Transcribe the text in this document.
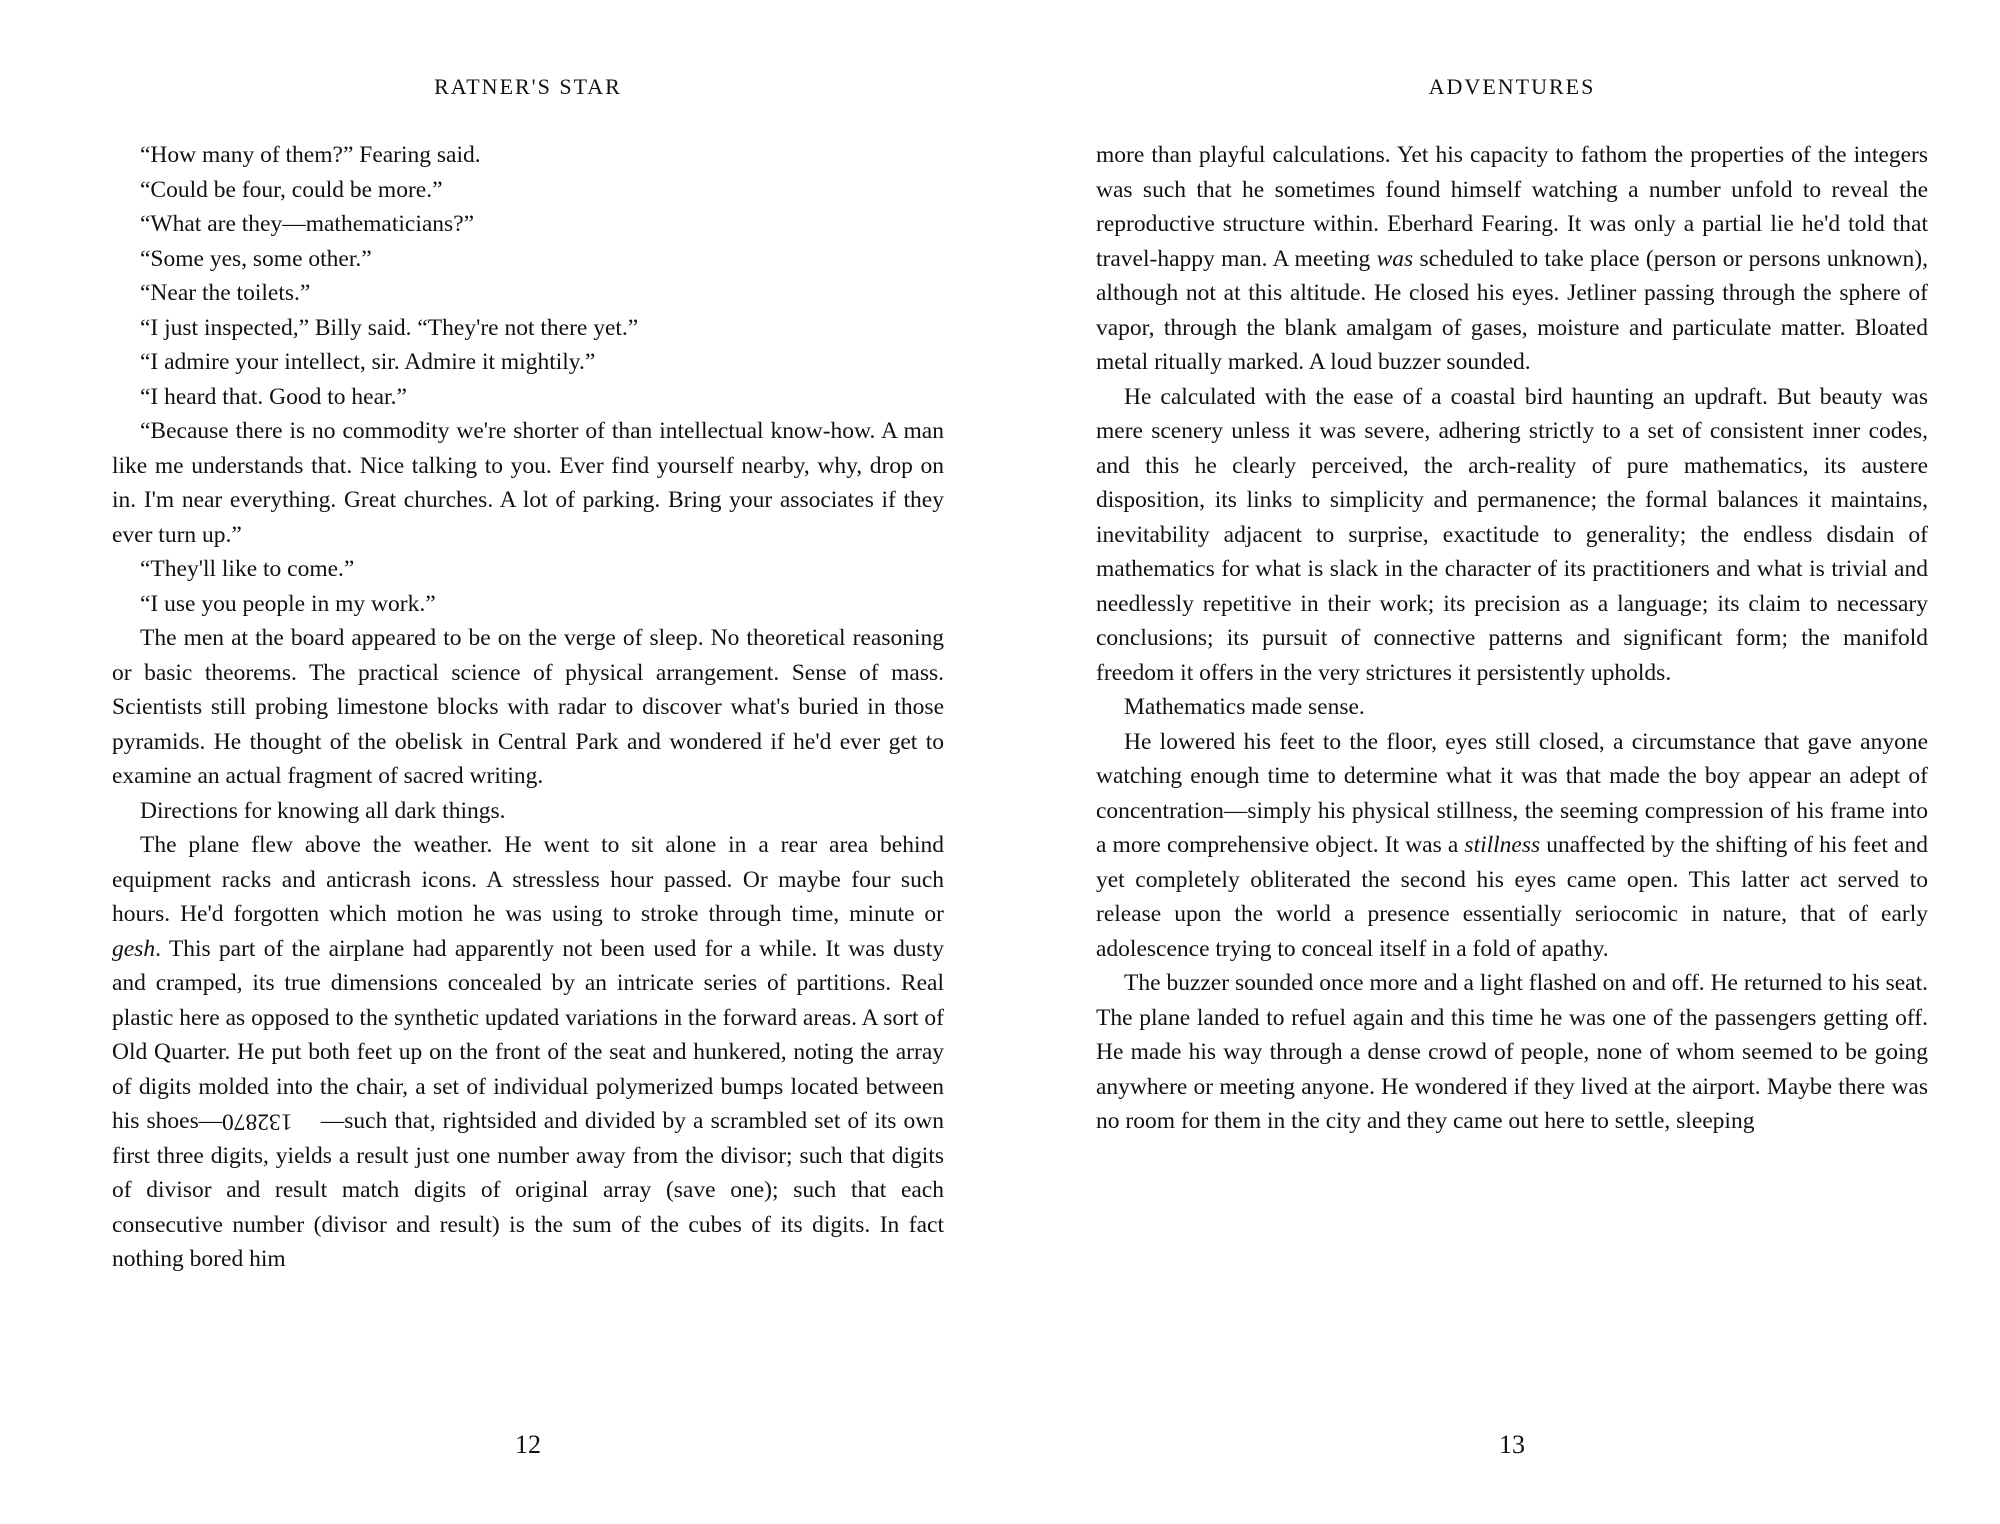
RATNER'S STAR

“How many of them?” Fearing said.

“Could be four, could be more.”

“What are they—mathematicians?”

“Some yes, some other.”

“Near the toilets.”

“I just inspected,” Billy said. “They're not there yet.”

“I admire your intellect, sir. Admire it mightily.”

“I heard that. Good to hear.”

“Because there is no commodity we're shorter of than intellectual know-how. A man like me understands that. Nice talking to you. Ever find yourself nearby, why, drop on in. I'm near everything. Great churches. A lot of parking. Bring your associates if they ever turn up.”

“They'll like to come.”

“I use you people in my work.”

The men at the board appeared to be on the verge of sleep. No theoretical reasoning or basic theorems. The practical science of physical arrangement. Sense of mass. Scientists still probing limestone blocks with radar to discover what's buried in those pyramids. He thought of the obelisk in Central Park and wondered if he'd ever get to examine an actual fragment of sacred writing.

Directions for knowing all dark things.

The plane flew above the weather. He went to sit alone in a rear area behind equipment racks and anticrash icons. A stressless hour passed. Or maybe four such hours. He'd forgotten which motion he was using to stroke through time, minute or gesh. This part of the airplane had apparently not been used for a while. It was dusty and cramped, its true dimensions concealed by an intricate series of partitions. Real plastic here as opposed to the synthetic updated variations in the forward areas. A sort of Old Quarter. He put both feet up on the front of the seat and hunkered, noting the array of digits molded into the chair, a set of individual polymerized bumps located between his shoes—132870 —such that, rightsided and divided by a scrambled set of its own first three digits, yields a result just one number away from the divisor; such that digits of divisor and result match digits of original array (save one); such that each consecutive number (divisor and result) is the sum of the cubes of its digits. In fact nothing bored him

12
ADVENTURES

more than playful calculations. Yet his capacity to fathom the properties of the integers was such that he sometimes found himself watching a number unfold to reveal the reproductive structure within. Eberhard Fearing. It was only a partial lie he'd told that travel-happy man. A meeting was scheduled to take place (person or persons unknown), although not at this altitude. He closed his eyes. Jetliner passing through the sphere of vapor, through the blank amalgam of gases, moisture and particulate matter. Bloated metal ritually marked. A loud buzzer sounded.

He calculated with the ease of a coastal bird haunting an updraft. But beauty was mere scenery unless it was severe, adhering strictly to a set of consistent inner codes, and this he clearly perceived, the arch-reality of pure mathematics, its austere disposition, its links to simplicity and permanence; the formal balances it maintains, inevitability adjacent to surprise, exactitude to generality; the endless disdain of mathematics for what is slack in the character of its practitioners and what is trivial and needlessly repetitive in their work; its precision as a language; its claim to necessary conclusions; its pursuit of connective patterns and significant form; the manifold freedom it offers in the very strictures it persistently upholds.

Mathematics made sense.

He lowered his feet to the floor, eyes still closed, a circumstance that gave anyone watching enough time to determine what it was that made the boy appear an adept of concentration—simply his physical stillness, the seeming compression of his frame into a more comprehensive object. It was a stillness unaffected by the shifting of his feet and yet completely obliterated the second his eyes came open. This latter act served to release upon the world a presence essentially seriocomic in nature, that of early adolescence trying to conceal itself in a fold of apathy.

The buzzer sounded once more and a light flashed on and off. He returned to his seat. The plane landed to refuel again and this time he was one of the passengers getting off. He made his way through a dense crowd of people, none of whom seemed to be going anywhere or meeting anyone. He wondered if they lived at the airport. Maybe there was no room for them in the city and they came out here to settle, sleeping

13
